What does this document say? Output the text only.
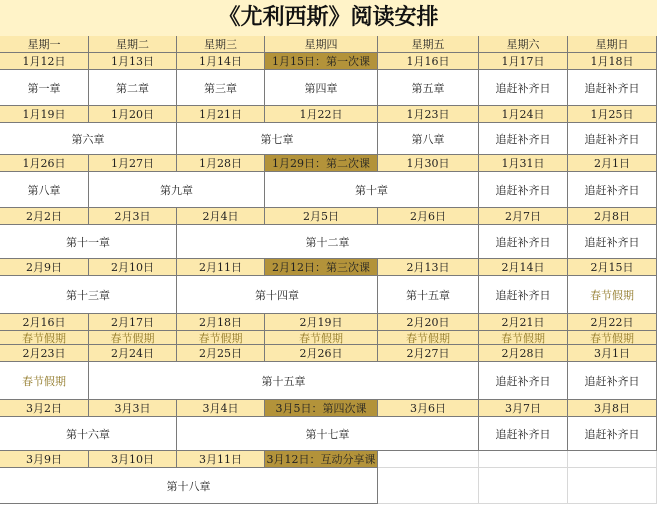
《尤利西斯》阅读安排
星期一	星期二	星期三	星期四	星期五	星期六	星期日
1月12日	1月13日	1月14日	1月15日：第一次课	1月16日	1月17日	1月18日
第一章	第二章	第三章	第四章	第五章	追赶补齐日	追赶补齐日
1月19日	1月20日	1月21日	1月22日	1月23日	1月24日	1月25日
第六章	第七章	第八章	追赶补齐日	追赶补齐日
1月26日	1月27日	1月28日	1月29日：第二次课	1月30日	1月31日	2月1日
第八章	第九章	第十章	追赶补齐日	追赶补齐日
2月2日	2月3日	2月4日	2月5日	2月6日	2月7日	2月8日
第十一章	第十二章	追赶补齐日	追赶补齐日
2月9日	2月10日	2月11日	2月12日：第三次课	2月13日	2月14日	2月15日
第十三章	第十四章	第十五章	追赶补齐日	春节假期
2月16日	2月17日	2月18日	2月19日	2月20日	2月21日	2月22日
春节假期	春节假期	春节假期	春节假期	春节假期	春节假期	春节假期
2月23日	2月24日	2月25日	2月26日	2月27日	2月28日	3月1日
春节假期	第十五章	追赶补齐日	追赶补齐日
3月2日	3月3日	3月4日	3月5日：第四次课	3月6日	3月7日	3月8日
第十六章	第十七章	追赶补齐日	追赶补齐日
3月9日	3月10日	3月11日	3月12日：互动分享课
第十八章
